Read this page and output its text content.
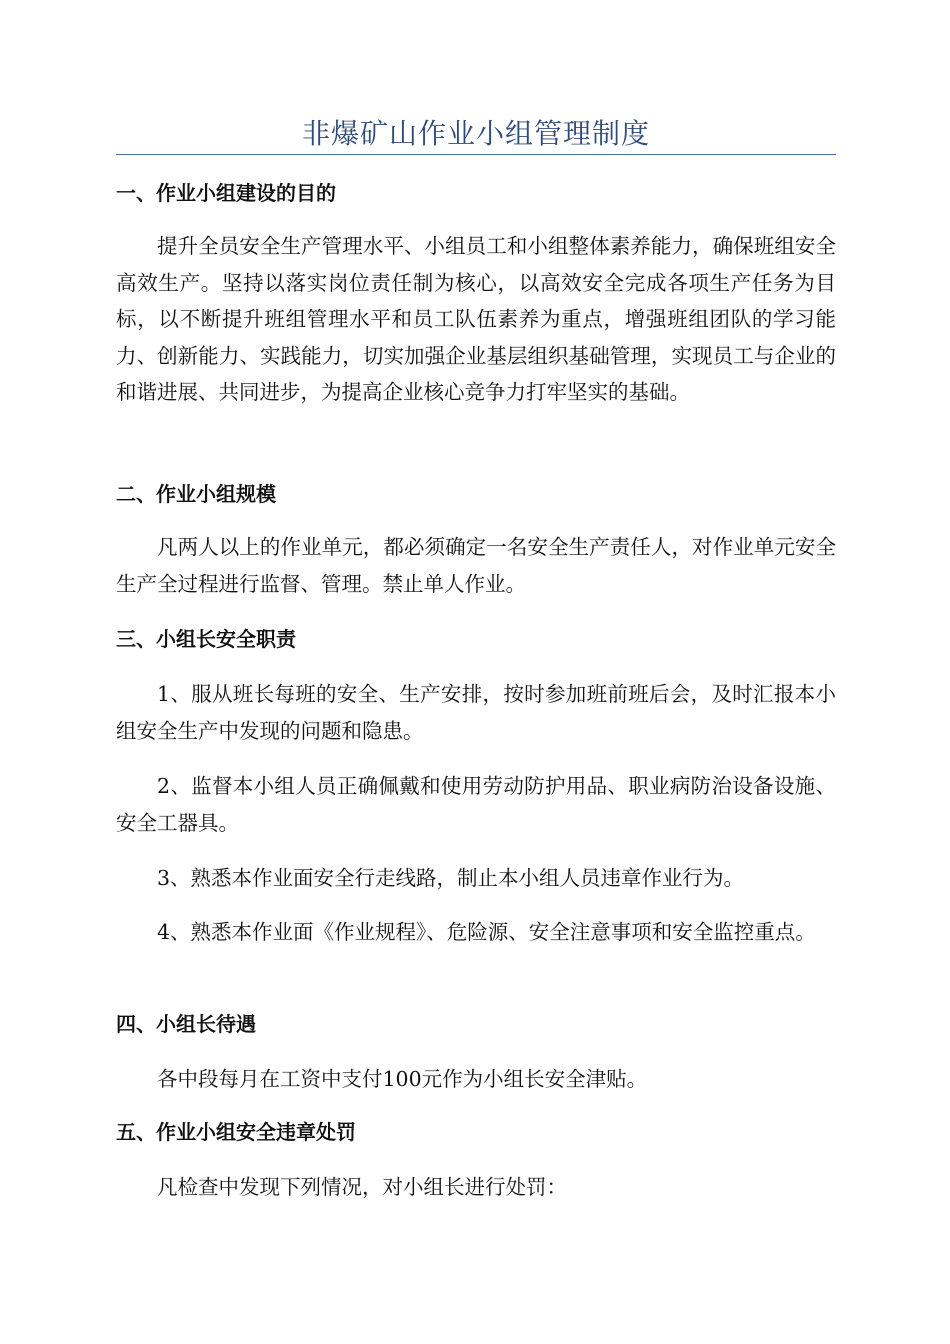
非爆矿山作业小组管理制度
一、作业小组建设的目的

提升全员安全生产管理水平、小组员工和小组整体素养能力，确保班组安全高效生产。坚持以落实岗位责任制为核心，以高效安全完成各项生产任务为目标，以不断提升班组管理水平和员工队伍素养为重点，增强班组团队的学习能力、创新能力、实践能力，切实加强企业基层组织基础管理，实现员工与企业的和谐进展、共同进步，为提高企业核心竞争力打牢坚实的基础。

二、作业小组规模

凡两人以上的作业单元，都必须确定一名安全生产责任人，对作业单元安全生产全过程进行监督、管理。禁止单人作业。

三、小组长安全职责

1、服从班长每班的安全、生产安排，按时参加班前班后会，及时汇报本小组安全生产中发现的问题和隐患。

2、监督本小组人员正确佩戴和使用劳动防护用品、职业病防治设备设施、安全工器具。

3、熟悉本作业面安全行走线路，制止本小组人员违章作业行为。

4、熟悉本作业面《作业规程》、危险源、安全注意事项和安全监控重点。

四、小组长待遇

各中段每月在工资中支付100元作为小组长安全津贴。

五、作业小组安全违章处罚

凡检查中发现下列情况，对小组长进行处罚：
